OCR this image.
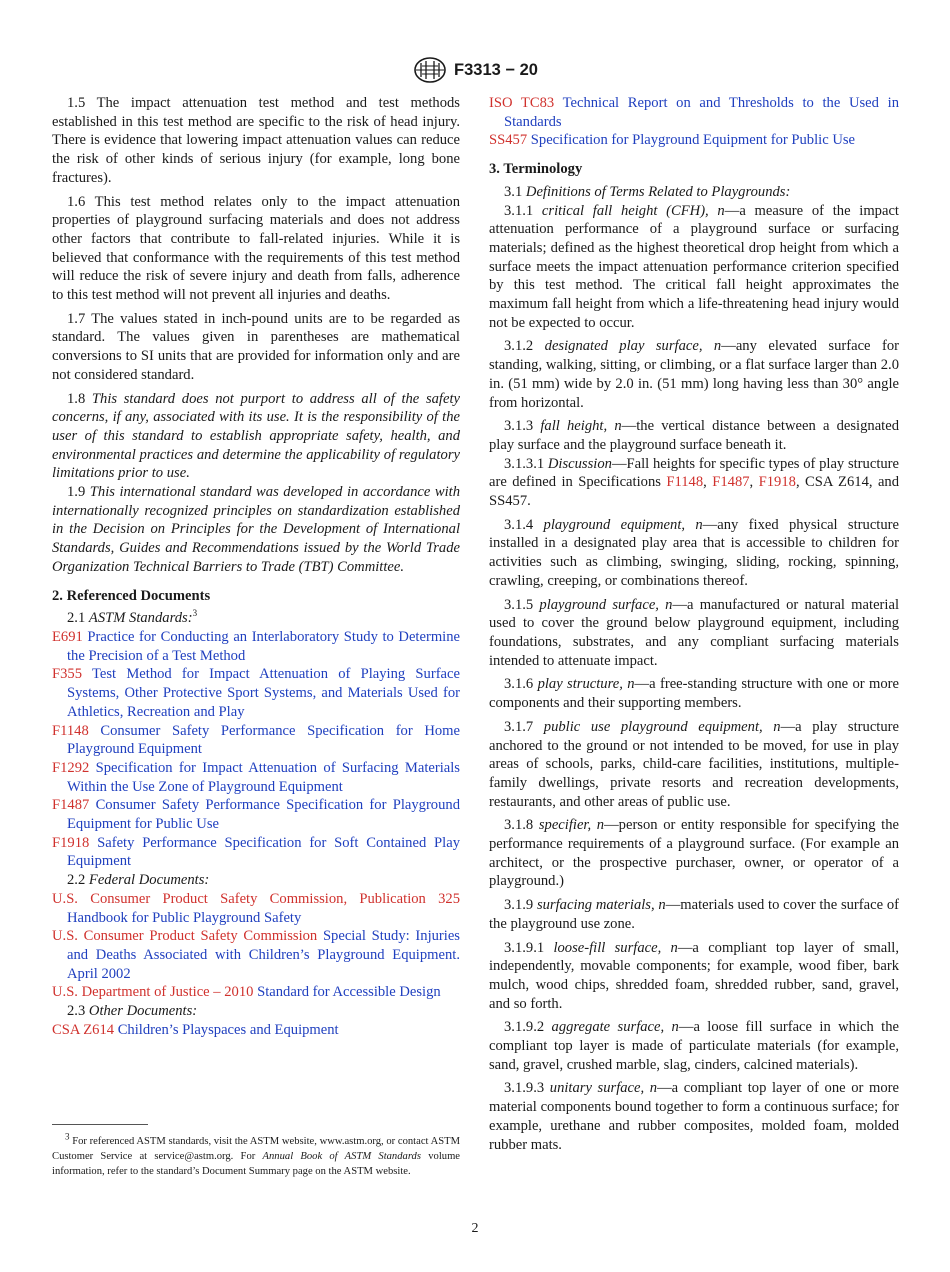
F3313 − 20

1.5 The impact attenuation test method and test methods established in this test method are specific to the risk of head injury. There is evidence that lowering impact attenuation values can reduce the risk of other kinds of serious injury (for example, long bone fractures).

1.6 This test method relates only to the impact attenuation properties of playground surfacing materials and does not address other factors that contribute to fall-related injuries. While it is believed that conformance with the requirements of this test method will reduce the risk of severe injury and death from falls, adherence to this test method will not prevent all injuries and deaths.

1.7 The values stated in inch-pound units are to be regarded as standard. The values given in parentheses are mathematical conversions to SI units that are provided for information only and are not considered standard.

1.8 This standard does not purport to address all of the safety concerns, if any, associated with its use. It is the responsibility of the user of this standard to establish appropriate safety, health, and environmental practices and determine the applicability of regulatory limitations prior to use.

1.9 This international standard was developed in accordance with internationally recognized principles on standardization established in the Decision on Principles for the Development of International Standards, Guides and Recommendations issued by the World Trade Organization Technical Barriers to Trade (TBT) Committee.

2. Referenced Documents

2.1 ASTM Standards:$^3$

E691 Practice for Conducting an Interlaboratory Study to Determine the Precision of a Test Method

F355 Test Method for Impact Attenuation of Playing Surface Systems, Other Protective Sport Systems, and Materials Used for Athletics, Recreation and Play

F1148 Consumer Safety Performance Specification for Home Playground Equipment

F1292 Specification for Impact Attenuation of Surfacing Materials Within the Use Zone of Playground Equipment

F1487 Consumer Safety Performance Specification for Playground Equipment for Public Use

F1918 Safety Performance Specification for Soft Contained Play Equipment

2.2 Federal Documents:

U.S. Consumer Product Safety Commission, Publication 325 Handbook for Public Playground Safety

U.S. Consumer Product Safety Commission Special Study: Injuries and Deaths Associated with Children’s Playground Equipment. April 2002

U.S. Department of Justice – 2010 Standard for Accessible Design

2.3 Other Documents:

CSA Z614 Children’s Playspaces and Equipment

$^3$ For referenced ASTM standards, visit the ASTM website, www.astm.org, or contact ASTM Customer Service at service@astm.org. For Annual Book of ASTM Standards volume information, refer to the standard’s Document Summary page on the ASTM website.

ISO TC83 Technical Report on and Thresholds to the Used in Standards

SS457 Specification for Playground Equipment for Public Use

3. Terminology

3.1 Definitions of Terms Related to Playgrounds:

3.1.1 critical fall height (CFH), n—a measure of the impact attenuation performance of a playground surface or surfacing materials; defined as the highest theoretical drop height from which a surface meets the impact attenuation performance criterion specified by this test method. The critical fall height approximates the maximum fall height from which a life-threatening head injury would not be expected to occur.

3.1.2 designated play surface, n—any elevated surface for standing, walking, sitting, or climbing, or a flat surface larger than 2.0 in. (51 mm) wide by 2.0 in. (51 mm) long having less than 30° angle from horizontal.

3.1.3 fall height, n—the vertical distance between a designated play surface and the playground surface beneath it.

3.1.3.1 Discussion—Fall heights for specific types of play structure are defined in Specifications F1148, F1487, F1918, CSA Z614, and SS457.

3.1.4 playground equipment, n—any fixed physical structure installed in a designated play area that is accessible to children for activities such as climbing, swinging, sliding, rocking, spinning, crawling, creeping, or combinations thereof.

3.1.5 playground surface, n—a manufactured or natural material used to cover the ground below playground equipment, including foundations, substrates, and any compliant surfacing materials intended to attenuate impact.

3.1.6 play structure, n—a free-standing structure with one or more components and their supporting members.

3.1.7 public use playground equipment, n—a play structure anchored to the ground or not intended to be moved, for use in play areas of schools, parks, child-care facilities, institutions, multiple-family dwellings, private resorts and recreation developments, restaurants, and other areas of public use.

3.1.8 specifier, n—person or entity responsible for specifying the performance requirements of a playground surface. (For example an architect, or the prospective purchaser, owner, or operator of a playground.)

3.1.9 surfacing materials, n—materials used to cover the surface of the playground use zone.

3.1.9.1 loose-fill surface, n—a compliant top layer of small, independently, movable components; for example, wood fiber, bark mulch, wood chips, shredded foam, shredded rubber, sand, gravel, and so forth.

3.1.9.2 aggregate surface, n—a loose fill surface in which the compliant top layer is made of particulate materials (for example, sand, gravel, crushed marble, slag, cinders, calcined materials).

3.1.9.3 unitary surface, n—a compliant top layer of one or more material components bound together to form a continuous surface; for example, urethane and rubber composites, molded foam, molded rubber mats.

2
